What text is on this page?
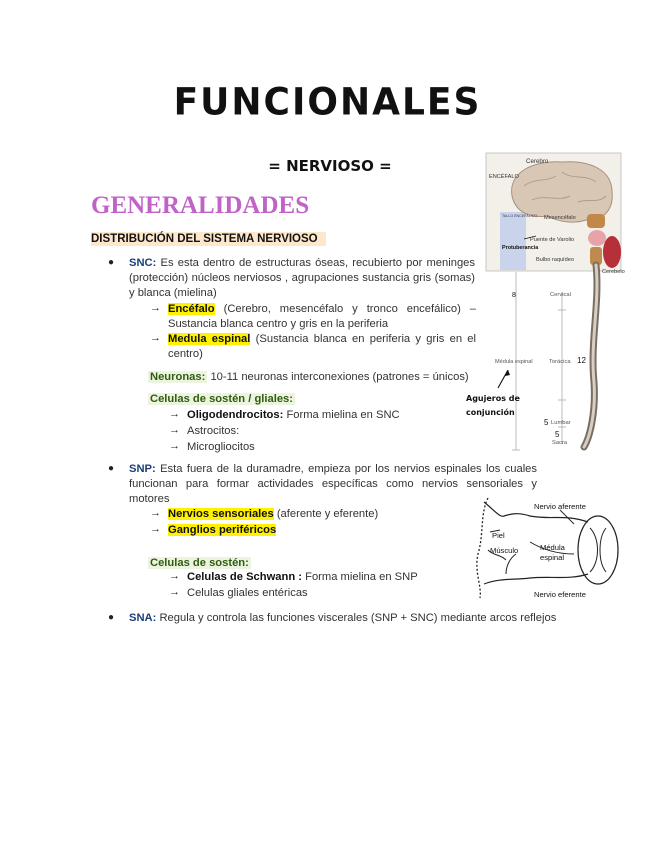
FUNCIONALES
= NERVIOSO =
GENERALIDADES
DISTRIBUCIÓN DEL SISTEMA NERVIOSO
● SNC: Es esta dentro de estructuras óseas, recubierto por meninges (protección) núcleos nerviosos , agrupaciones sustancia gris (somas) y blanca (mielina)
→ Encéfalo (Cerebro, mesencéfalo y tronco encefálico) – Sustancia blanca centro y gris en la periferia
→ Medula espinal (Sustancia blanca en periferia y gris en el centro)
Neuronas: 10-11 neuronas interconexiones (patrones = únicos)
Celulas de sostén / gliales:
→ Oligodendrocitos: Forma mielina en SNC
→ Astrocitos:
→ Microgliocitos
● SNP: Esta fuera de la duramadre, empieza por los nervios espinales los cuales funcionan para formar actividades específicas como nervios sensoriales y motores
→ Nervios sensoriales (aferente y eferente)
→ Ganglios periféricos
Celulas de sostén:
→ Celulas de Schwann : Forma mielina en SNP
→ Celulas gliales entéricas
● SNA: Regula y controla las funciones viscerales (SNP + SNC) mediante arcos reflejos
Cerebro
ENCÉFALO
TALLO ENCEFÁLICO Mesencéfalo
Protuberancia
Puente de Varolio
Bulbo raquídeo
Cerebelo
8	Cervical
Médula espinal	Torácica 12
Agujeros de
conjunción
5 Lumbar
5
Sacra
Nervio aferente
Piel
Músculo	Médula
espinal
Nervio eferente
